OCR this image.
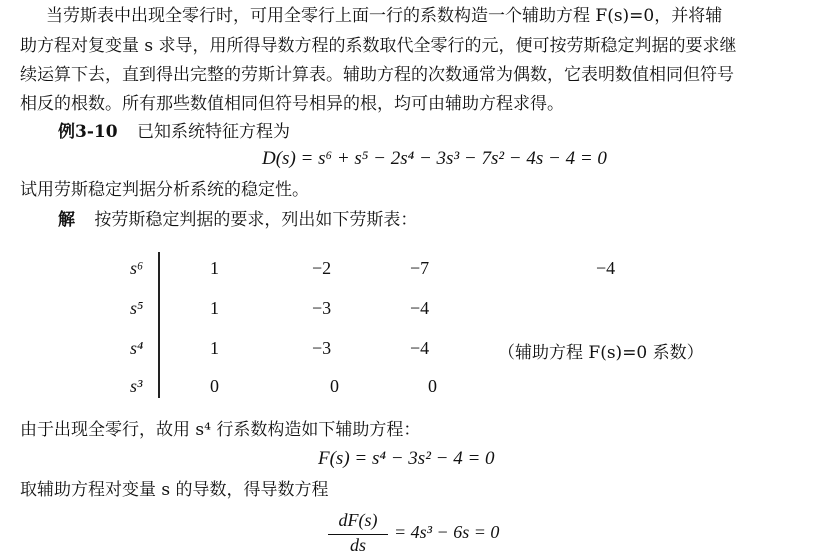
当劳斯表中出现全零行时，可用全零行上面一行的系数构造一个辅助方程 F(s)=0，并将辅
助方程对复变量 s 求导，用所得导数方程的系数取代全零行的元，便可按劳斯稳定判据的要求继
续运算下去，直到得出完整的劳斯计算表。辅助方程的次数通常为偶数，它表明数值相同但符号
相反的根数。所有那些数值相同但符号相异的根，均可由辅助方程求得。
例3-10 已知系统特征方程为
D(s) = s⁶ + s⁵ − 2s⁴ − 3s³ − 7s² − 4s − 4 = 0
试用劳斯稳定判据分析系统的稳定性。
解 按劳斯稳定判据的要求，列出如下劳斯表：
s⁶	1	−2	−7	−4
s⁵	1	−3	−4
s⁴	1	−3	−4	（辅助方程 F(s)=0 系数）
s³	0	0	0
由于出现全零行，故用 s⁴ 行系数构造如下辅助方程：
F(s) = s⁴ − 3s² − 4 = 0
取辅助方程对变量 s 的导数，得导数方程
dF(s)
ds
= 4s³ − 6s = 0
